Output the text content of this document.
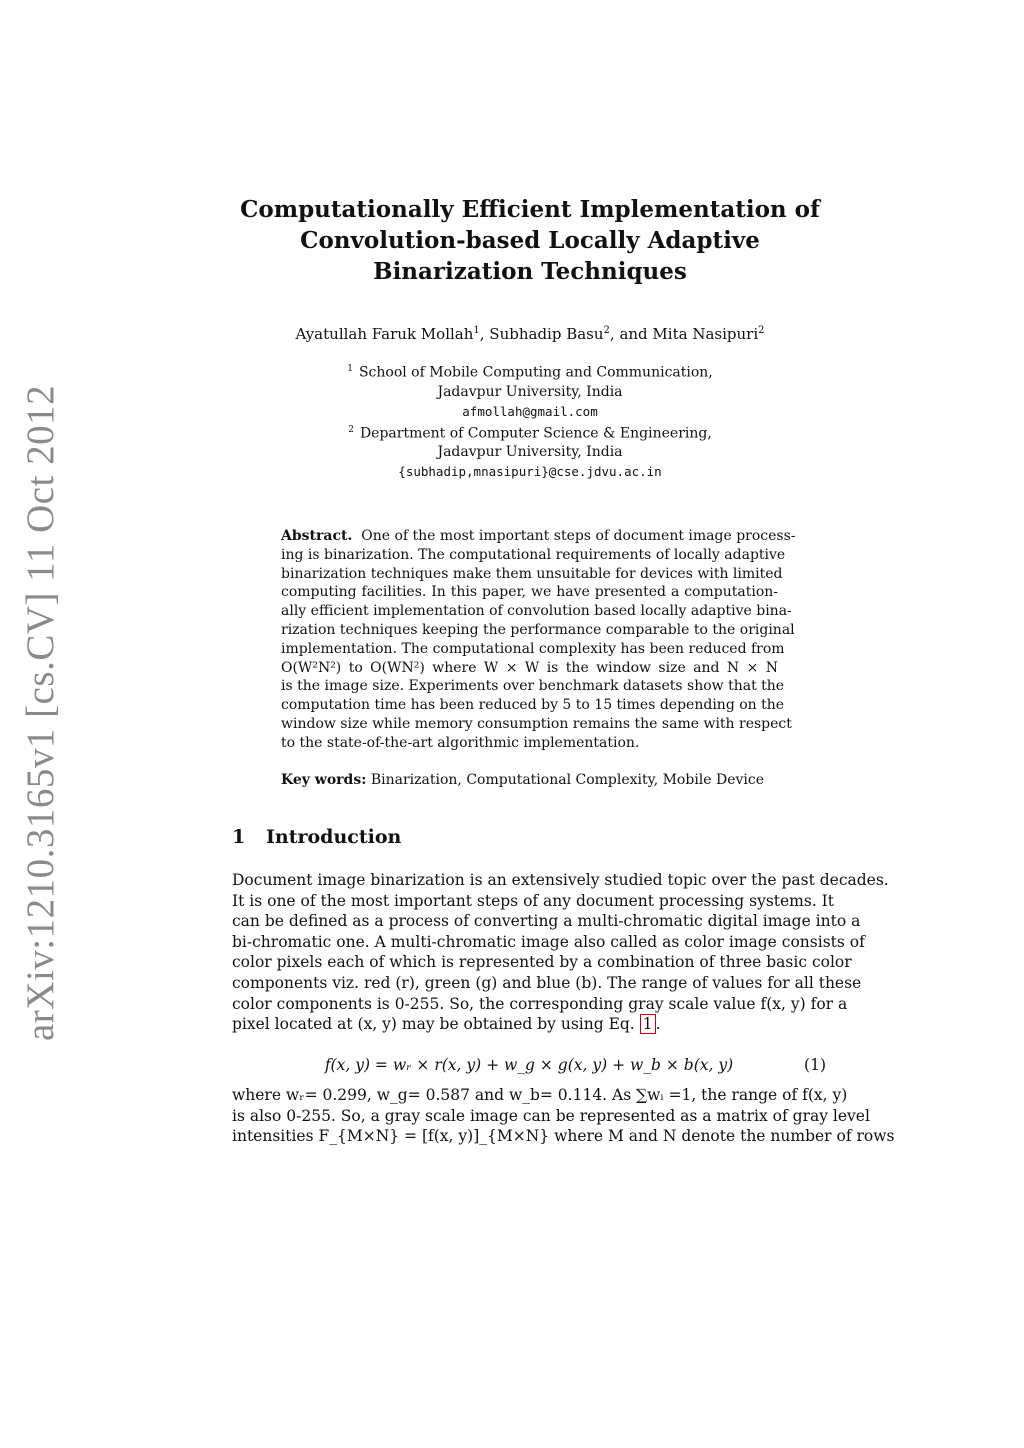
arXiv:1210.3165v1 [cs.CV] 11 Oct 2012
Computationally Efficient Implementation of
Convolution-based Locally Adaptive
Binarization Techniques
Ayatullah Faruk Mollah$^1$, Subhadip Basu$^2$, and Mita Nasipuri$^2$
$^1$ School of Mobile Computing and Communication,
Jadavpur University, India
afmollah@gmail.com
$^2$ Department of Computer Science & Engineering,
Jadavpur University, India
{subhadip,mnasipuri}@cse.jdvu.ac.in
Abstract. One of the most important steps of document image process-
ing is binarization. The computational requirements of locally adaptive
binarization techniques make them unsuitable for devices with limited
computing facilities. In this paper, we have presented a computation-
ally efficient implementation of convolution based locally adaptive bina-
rization techniques keeping the performance comparable to the original
implementation. The computational complexity has been reduced from
O(W²N²) to O(WN²) where W × W is the window size and N × N
is the image size. Experiments over benchmark datasets show that the
computation time has been reduced by 5 to 15 times depending on the
window size while memory consumption remains the same with respect
to the state-of-the-art algorithmic implementation.
Key words: Binarization, Computational Complexity, Mobile Device
1 Introduction
Document image binarization is an extensively studied topic over the past decades.
It is one of the most important steps of any document processing systems. It
can be defined as a process of converting a multi-chromatic digital image into a
bi-chromatic one. A multi-chromatic image also called as color image consists of
color pixels each of which is represented by a combination of three basic color
components viz. red (r), green (g) and blue (b). The range of values for all these
color components is 0-255. So, the corresponding gray scale value f(x, y) for a
pixel located at (x, y) may be obtained by using Eq. 1 .
f(x, y) = wᵣ × r(x, y) + w_g × g(x, y) + w_b × b(x, y)	(1)
where wᵣ= 0.299, w_g= 0.587 and w_b= 0.114. As ∑wᵢ =1, the range of f(x, y)
is also 0-255. So, a gray scale image can be represented as a matrix of gray level
intensities F_{M×N} = [f(x, y)]_{M×N} where M and N denote the number of rows
